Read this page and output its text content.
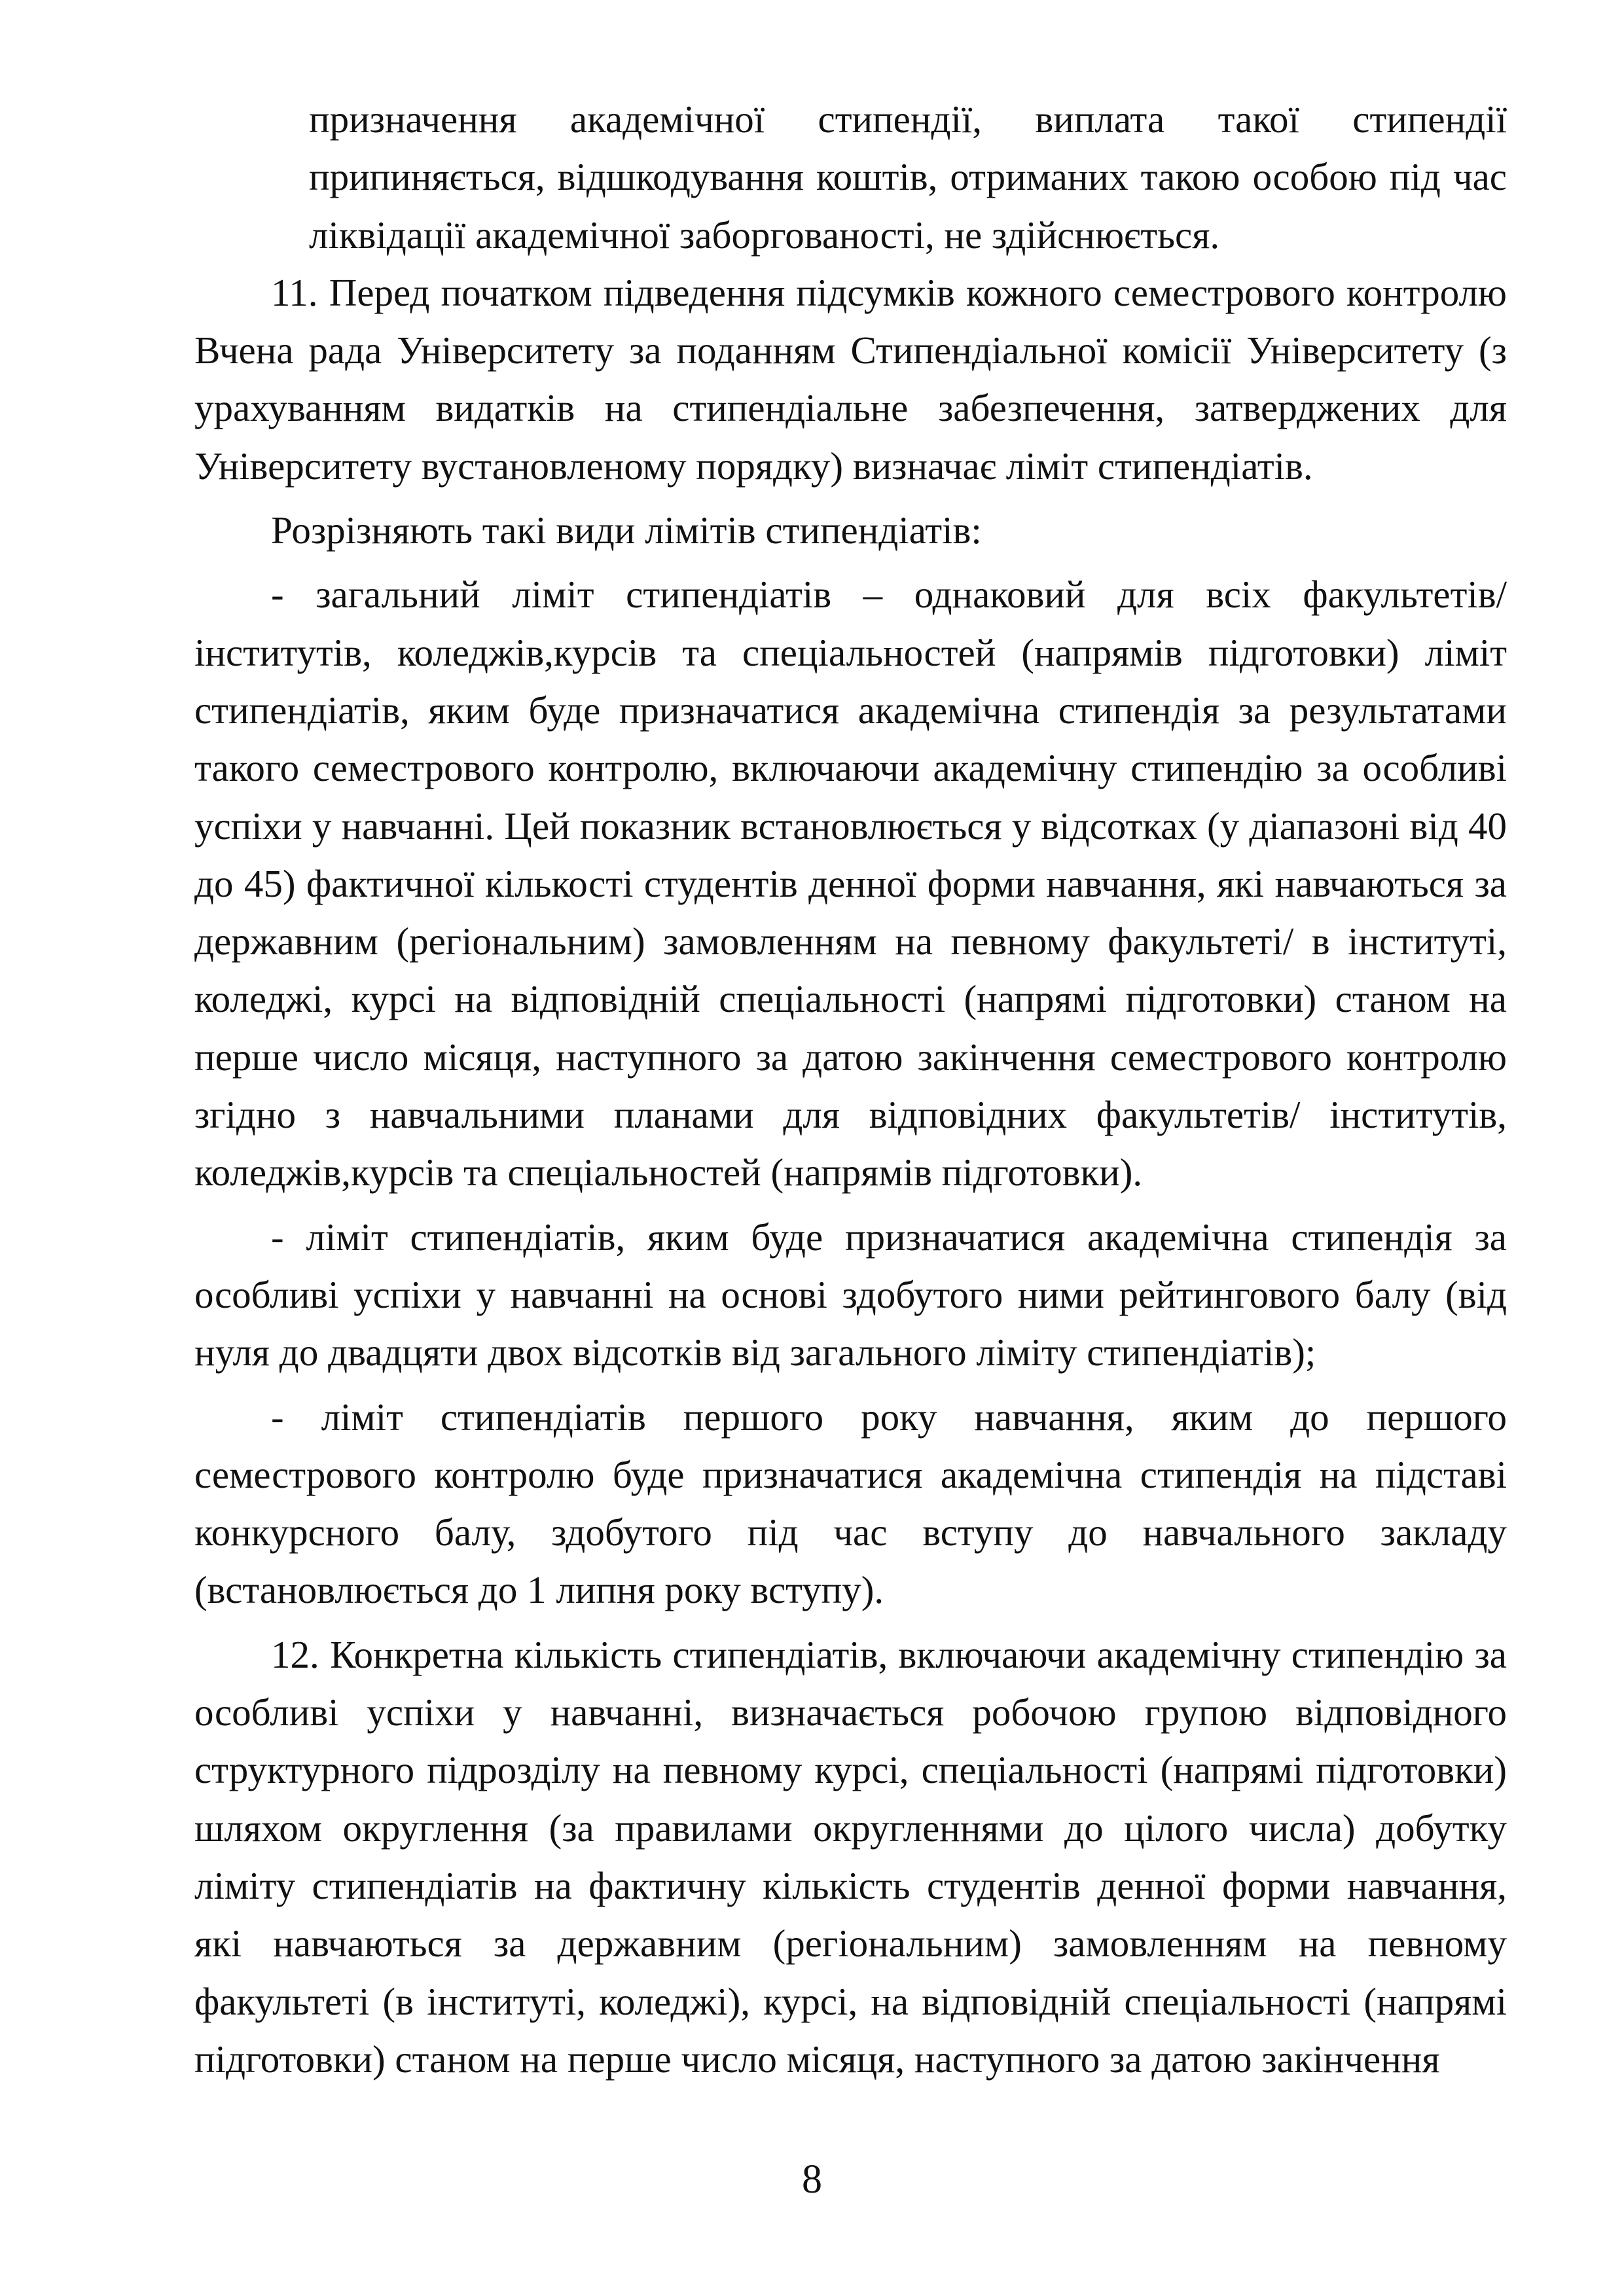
призначення академічної стипендії, виплата такої стипендії припиняється, відшкодування коштів, отриманих такою особою під час ліквідації академічної заборгованості, не здійснюється.

11. Перед початком підведення підсумків кожного семестрового контролю Вчена рада Університету за поданням Стипендіальної комісії Університету (з урахуванням видатків на стипендіальне забезпечення, затверджених для Університету вустановленому порядку) визначає ліміт стипендіатів.

Розрізняють такі види лімітів стипендіатів:

- загальний ліміт стипендіатів – однаковий для всіх факультетів/ інститутів, коледжів,курсів та спеціальностей (напрямів підготовки) ліміт стипендіатів, яким буде призначатися академічна стипендія за результатами такого семестрового контролю, включаючи академічну стипендію за особливі успіхи у навчанні. Цей показник встановлюється у відсотках (у діапазоні від 40 до 45) фактичної кількості студентів денної форми навчання, які навчаються за державним (регіональним) замовленням на певному факультеті/ в інституті, коледжі, курсі на відповідній спеціальності (напрямі підготовки) станом на перше число місяця, наступного за датою закінчення семестрового контролю згідно з навчальними планами для відповідних факультетів/ інститутів, коледжів,курсів та спеціальностей (напрямів підготовки).

- ліміт стипендіатів, яким буде призначатися академічна стипендія за особливі успіхи у навчанні на основі здобутого ними рейтингового балу (від нуля до двадцяти двох відсотків від загального ліміту стипендіатів);

- ліміт стипендіатів першого року навчання, яким до першого семестрового контролю буде призначатися академічна стипендія на підставі конкурсного балу, здобутого під час вступу до навчального закладу (встановлюється до 1 липня року вступу).

12. Конкретна кількість стипендіатів, включаючи академічну стипендію за особливі успіхи у навчанні, визначається робочою групою відповідного структурного підрозділу на певному курсі, спеціальності (напрямі підготовки) шляхом округлення (за правилами округленнями до цілого числа) добутку ліміту стипендіатів на фактичну кількість студентів денної форми навчання, які навчаються за державним (регіональним) замовленням на певному факультеті (в інституті, коледжі), курсі, на відповідній спеціальності (напрямі підготовки) станом на перше число місяця, наступного за датою закінчення

8
